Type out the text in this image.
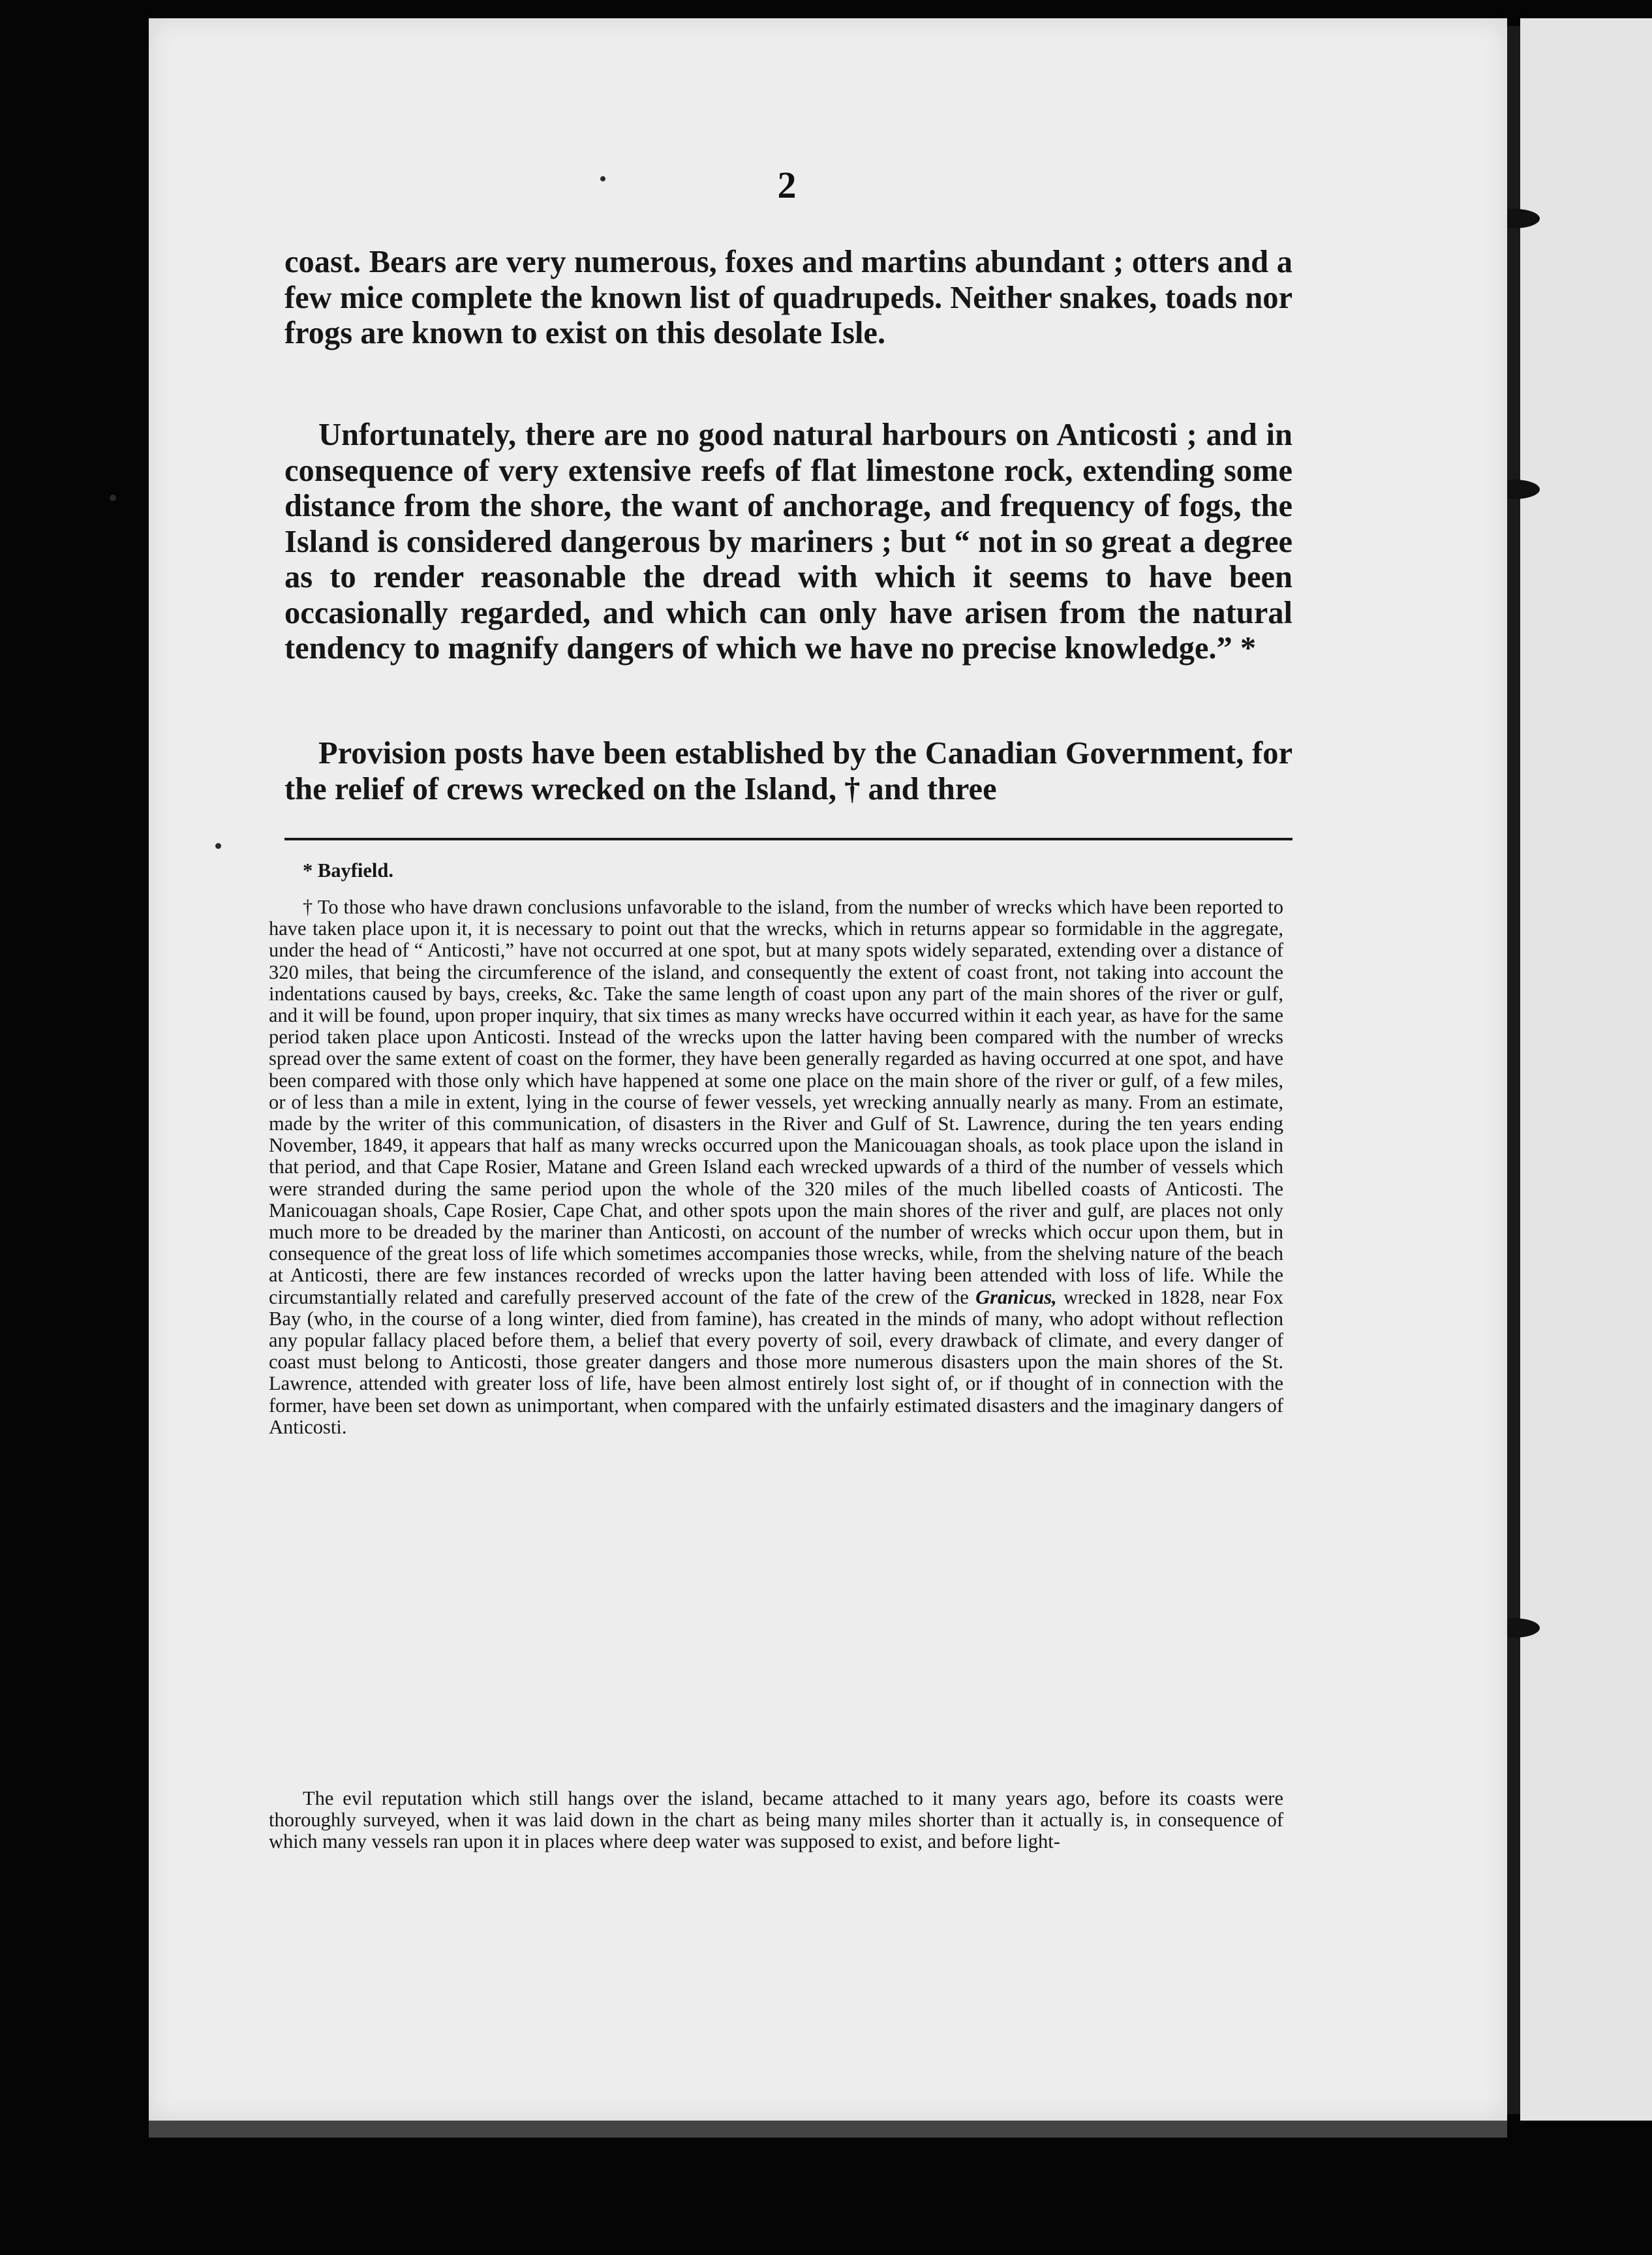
2

coast. Bears are very numerous, foxes and martins abundant ; otters and a few mice complete the known list of quadrupeds. Neither snakes, toads nor frogs are known to exist on this desolate Isle.

Unfortunately, there are no good natural harbours on Anticosti ; and in consequence of very extensive reefs of flat limestone rock, extending some distance from the shore, the want of anchorage, and frequency of fogs, the Island is considered dangerous by mariners ; but “ not in so great a degree as to render reasonable the dread with which it seems to have been occasionally regarded, and which can only have arisen from the natural tendency to magnify dangers of which we have no precise knowledge.” *

Provision posts have been established by the Canadian Government, for the relief of crews wrecked on the Island, † and three

* Bayfield.

† To those who have drawn conclusions unfavorable to the island, from the number of wrecks which have been reported to have taken place upon it, it is necessary to point out that the wrecks, which in returns appear so formidable in the aggregate, under the head of “ Anticosti,” have not occurred at one spot, but at many spots widely separated, extending over a distance of 320 miles, that being the circumference of the island, and consequently the extent of coast front, not taking into account the indentations caused by bays, creeks, &c. Take the same length of coast upon any part of the main shores of the river or gulf, and it will be found, upon proper inquiry, that six times as many wrecks have occurred within it each year, as have for the same period taken place upon Anticosti. Instead of the wrecks upon the latter having been compared with the number of wrecks spread over the same extent of coast on the former, they have been generally regarded as having occurred at one spot, and have been compared with those only which have happened at some one place on the main shore of the river or gulf, of a few miles, or of less than a mile in extent, lying in the course of fewer vessels, yet wrecking annually nearly as many. From an estimate, made by the writer of this communication, of disasters in the River and Gulf of St. Lawrence, during the ten years ending November, 1849, it appears that half as many wrecks occurred upon the Manicouagan shoals, as took place upon the island in that period, and that Cape Rosier, Matane and Green Island each wrecked upwards of a third of the number of vessels which were stranded during the same period upon the whole of the 320 miles of the much libelled coasts of Anticosti. The Manicouagan shoals, Cape Rosier, Cape Chat, and other spots upon the main shores of the river and gulf, are places not only much more to be dreaded by the mariner than Anticosti, on account of the number of wrecks which occur upon them, but in consequence of the great loss of life which sometimes accompanies those wrecks, while, from the shelving nature of the beach at Anticosti, there are few instances recorded of wrecks upon the latter having been attended with loss of life. While the circumstantially related and carefully preserved account of the fate of the crew of the Granicus, wrecked in 1828, near Fox Bay (who, in the course of a long winter, died from famine), has created in the minds of many, who adopt without reflection any popular fallacy placed before them, a belief that every poverty of soil, every drawback of climate, and every danger of coast must belong to Anticosti, those greater dangers and those more numerous disasters upon the main shores of the St. Lawrence, attended with greater loss of life, have been almost entirely lost sight of, or if thought of in connection with the former, have been set down as unimportant, when compared with the unfairly estimated disasters and the imaginary dangers of Anticosti.

The evil reputation which still hangs over the island, became attached to it many years ago, before its coasts were thoroughly surveyed, when it was laid down in the chart as being many miles shorter than it actually is, in consequence of which many vessels ran upon it in places where deep water was supposed to exist, and before light-
